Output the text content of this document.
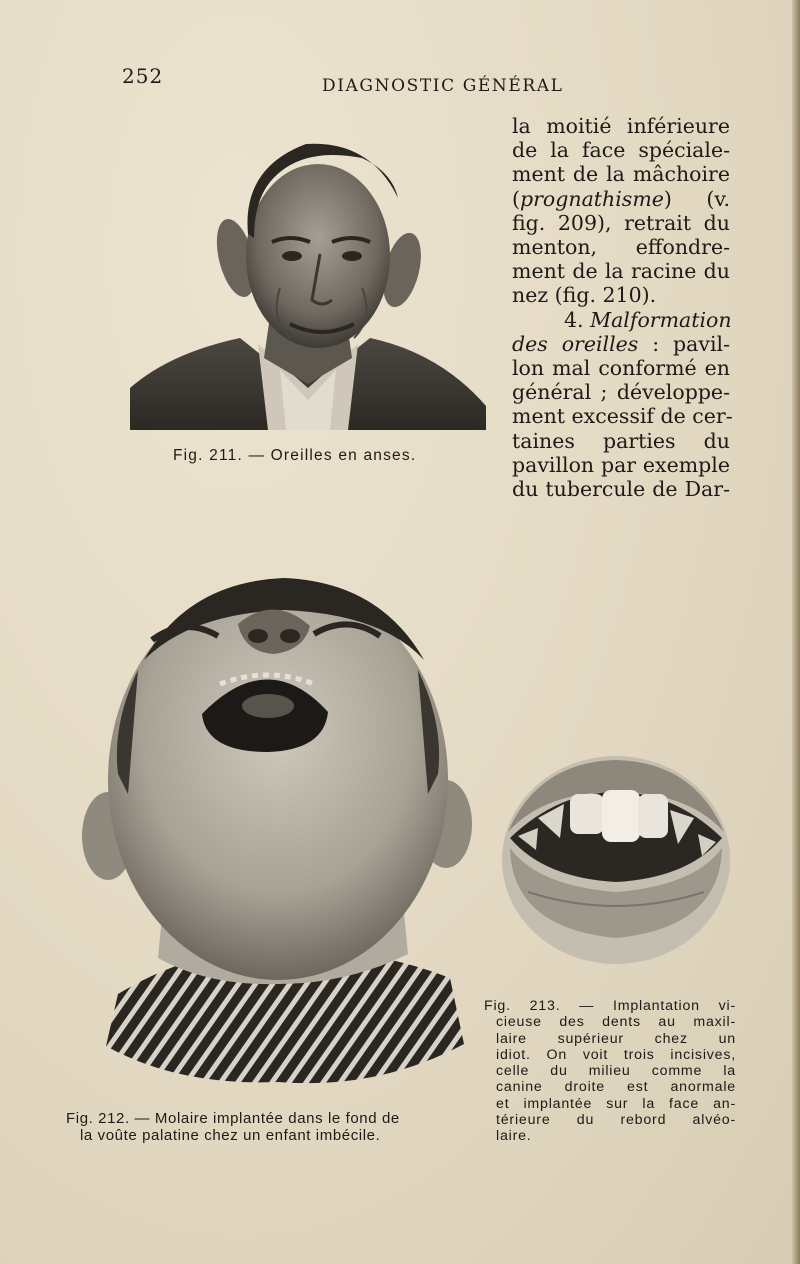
252	DIAGNOSTIC GÉNÉRAL
Fig. 211. — Oreilles en anses.
la moitié inférieure
de la face spéciale-
ment de la mâchoire
(prognathisme) (v.
fig. 209), retrait du
menton, effondre-
ment de la racine du
nez (fig. 210).
4. Malformation
des oreilles : pavil-
lon mal conformé en
général ; développe-
ment excessif de cer-
taines parties du
pavillon par exemple
du tubercule de Dar-
Fig. 212. — Molaire implantée dans le fond de
la voûte palatine chez un enfant imbécile.
Fig. 213. — Implantation vi-
cieuse des dents au maxil-
laire supérieur chez un
idiot. On voit trois incisives,
celle du milieu comme la
canine droite est anormale
et implantée sur la face an-
térieure du rebord alvéo-
laire.
